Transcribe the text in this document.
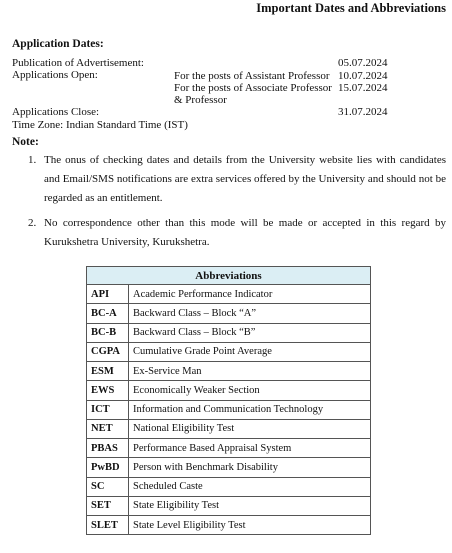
Important Dates and Abbreviations
Application Dates:
Publication of Advertisement:	05.07.2024
Applications Open:	For the posts of Assistant Professor 10.07.2024
For the posts of Associate Professor 15.07.2024
& Professor
Applications Close:	31.07.2024
Time Zone: Indian Standard Time (IST)
Note:
1. The onus of checking dates and details from the University website lies with candidates and Email/SMS notifications are extra services offered by the University and should not be regarded as an entitlement.
2. No correspondence other than this mode will be made or accepted in this regard by Kurukshetra University, Kurukshetra.
Abbreviations	
API	Academic Performance Indicator
BC-A	Backward Class – Block “A”
BC-B	Backward Class – Block “B”
CGPA	Cumulative Grade Point Average
ESM	Ex-Service Man
EWS	Economically Weaker Section
ICT	Information and Communication Technology
NET	National Eligibility Test
PBAS	Performance Based Appraisal System
PwBD	Person with Benchmark Disability
SC	Scheduled Caste
SET	State Eligibility Test
SLET	State Level Eligibility Test
